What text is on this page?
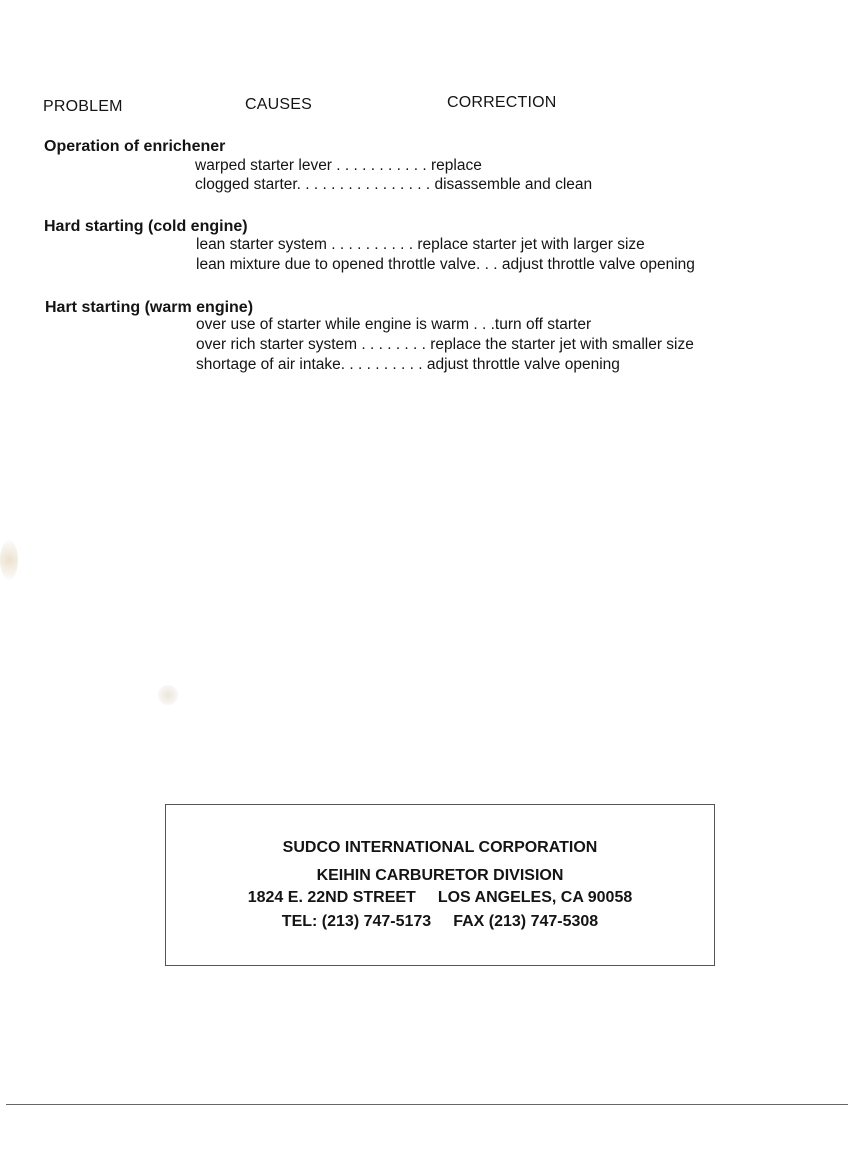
PROBLEM	CAUSES	CORRECTION
Operation of enrichener
warped starter lever . . . . . . . . . . . replace
clogged starter. . . . . . . . . . . . . . . . disassemble and clean
Hard starting (cold engine)
lean starter system . . . . . . . . . . replace starter jet with larger size
lean mixture due to opened throttle valve. . . adjust throttle valve opening
Hart starting (warm engine)
over use of starter while engine is warm . . .turn off starter
over rich starter system . . . . . . . . replace the starter jet with smaller size
shortage of air intake. . . . . . . . . . adjust throttle valve opening
SUDCO INTERNATIONAL CORPORATION
KEIHIN CARBURETOR DIVISION
1824 E. 22ND STREET LOS ANGELES, CA 90058
TEL: (213) 747-5173 FAX (213) 747-5308
